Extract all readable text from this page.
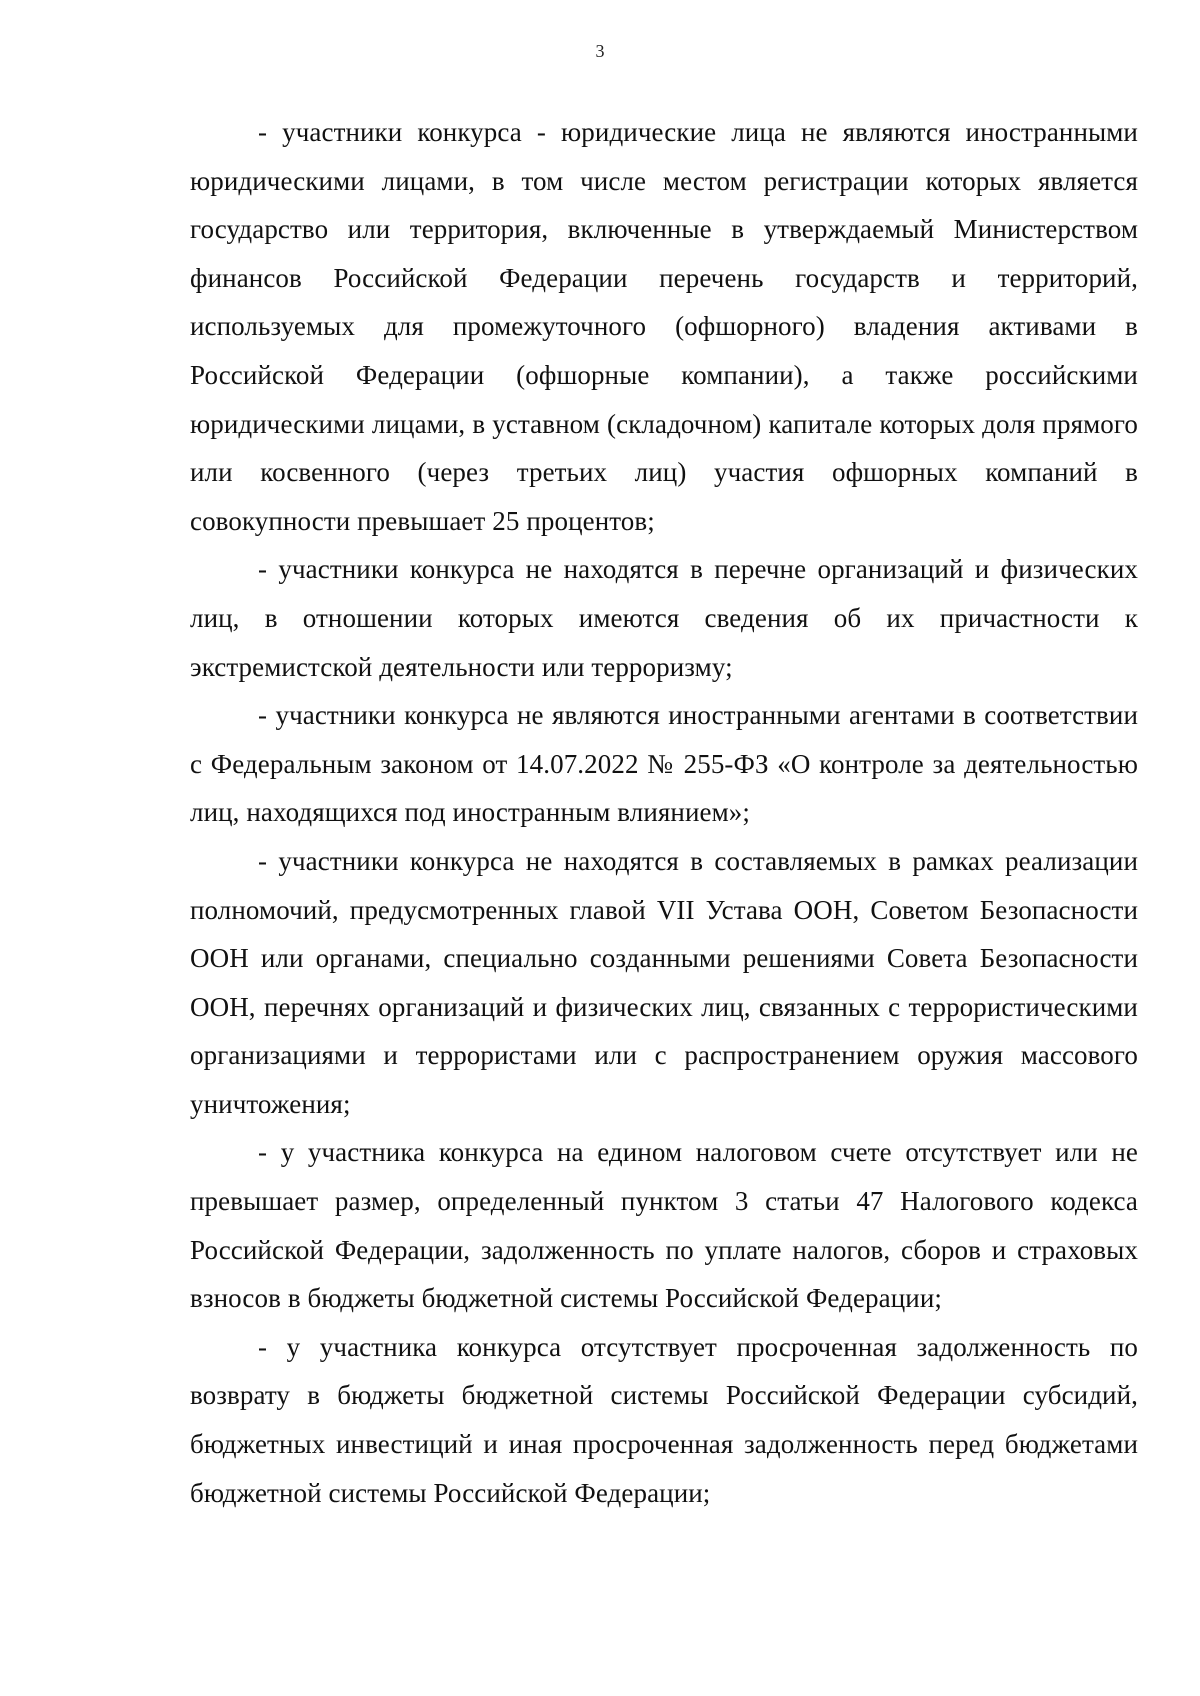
3

- участники конкурса - юридические лица не являются иностранными юридическими лицами, в том числе местом регистрации которых является государство или территория, включенные в утверждаемый Министерством финансов Российской Федерации перечень государств и территорий, используемых для промежуточного (офшорного) владения активами в Российской Федерации (офшорные компании), а также российскими юридическими лицами, в уставном (складочном) капитале которых доля прямого или косвенного (через третьих лиц) участия офшорных компаний в совокупности превышает 25 процентов;

- участники конкурса не находятся в перечне организаций и физических лиц, в отношении которых имеются сведения об их причастности к экстремистской деятельности или терроризму;

- участники конкурса не являются иностранными агентами в соответствии с Федеральным законом от 14.07.2022 № 255-ФЗ «О контроле за деятельностью лиц, находящихся под иностранным влиянием»;

- участники конкурса не находятся в составляемых в рамках реализации полномочий, предусмотренных главой VII Устава ООН, Советом Безопасности ООН или органами, специально созданными решениями Совета Безопасности ООН, перечнях организаций и физических лиц, связанных с террористическими организациями и террористами или с распространением оружия массового уничтожения;

- у участника конкурса на едином налоговом счете отсутствует или не превышает размер, определенный пунктом 3 статьи 47 Налогового кодекса Российской Федерации, задолженность по уплате налогов, сборов и страховых взносов в бюджеты бюджетной системы Российской Федерации;

- у участника конкурса отсутствует просроченная задолженность по возврату в бюджеты бюджетной системы Российской Федерации субсидий, бюджетных инвестиций и иная просроченная задолженность перед бюджетами бюджетной системы Российской Федерации;
